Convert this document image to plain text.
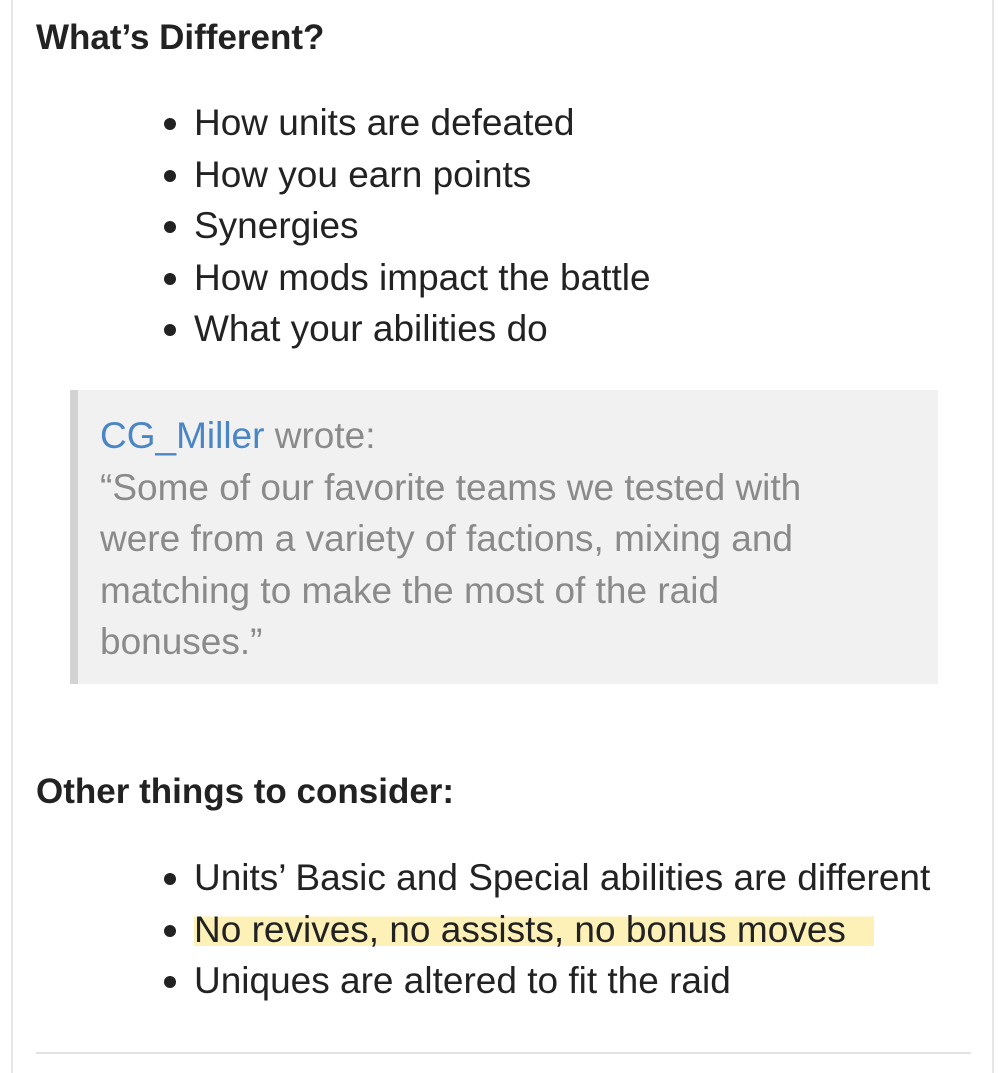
What’s Different?
How units are defeated
How you earn points
Synergies
How mods impact the battle
What your abilities do
CG_Miller wrote:
“Some of our favorite teams we tested with
were from a variety of factions, mixing and
matching to make the most of the raid
bonuses.”
Other things to consider:
Units’ Basic and Special abilities are different
No revives, no assists, no bonus moves
Uniques are altered to fit the raid
